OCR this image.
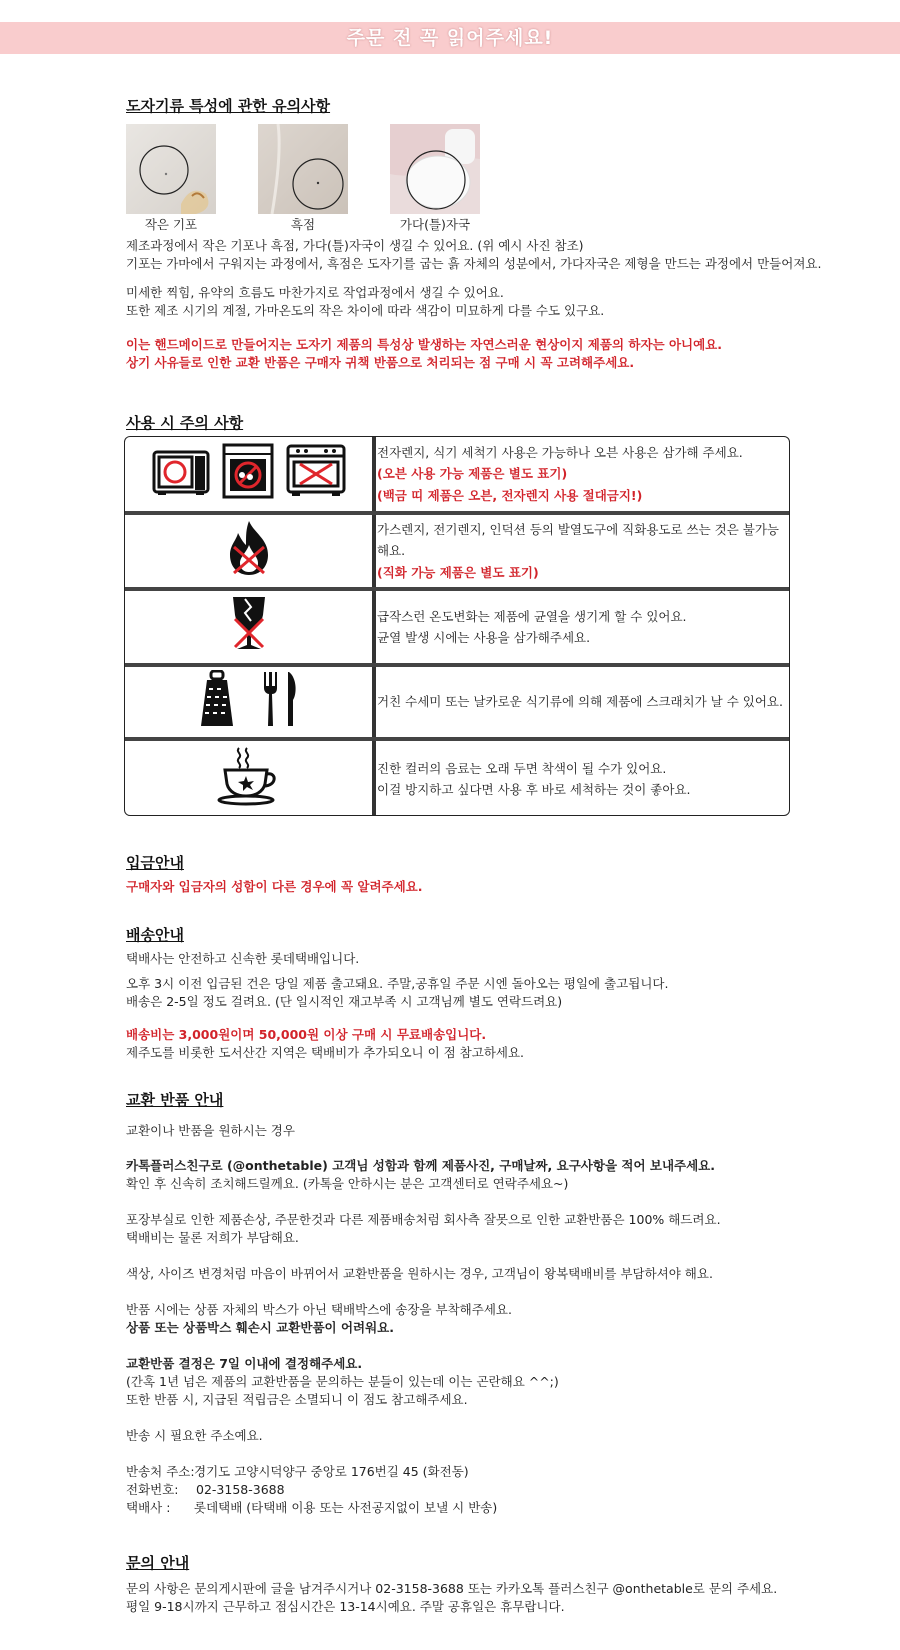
주문 전 꼭 읽어주세요!
도자기류 특성에 관한 유의사항
작은 기포	흑점	가다(틀)자국
제조과정에서 작은 기포나 흑점, 가다(틀)자국이 생길 수 있어요. (위 예시 사진 참조)
기포는 가마에서 구워지는 과정에서, 흑점은 도자기를 굽는 흙 자체의 성분에서, 가다자국은 제형을 만드는 과정에서 만들어져요.
미세한 찍힘, 유약의 흐름도 마찬가지로 작업과정에서 생길 수 있어요.
또한 제조 시기의 계절, 가마온도의 작은 차이에 따라 색감이 미묘하게 다를 수도 있구요.
이는 핸드메이드로 만들어지는 도자기 제품의 특성상 발생하는 자연스러운 현상이지 제품의 하자는 아니예요.
상기 사유들로 인한 교환 반품은 구매자 귀책 반품으로 처리되는 점 구매 시 꼭 고려해주세요.
사용 시 주의 사항
전자렌지, 식기 세척기 사용은 가능하나 오븐 사용은 삼가해 주세요.
(오븐 사용 가능 제품은 별도 표기)
(백금 띠 제품은 오븐, 전자렌지 사용 절대금지!)
가스렌지, 전기렌지, 인덕션 등의 발열도구에 직화용도로 쓰는 것은 불가능해요.
(직화 가능 제품은 별도 표기)
급작스런 온도변화는 제품에 균열을 생기게 할 수 있어요.
균열 발생 시에는 사용을 삼가해주세요.
거친 수세미 또는 날카로운 식기류에 의해 제품에 스크래치가 날 수 있어요.
진한 컬러의 음료는 오래 두면 착색이 될 수가 있어요.
이걸 방지하고 싶다면 사용 후 바로 세척하는 것이 좋아요.
입금안내
구매자와 입금자의 성함이 다른 경우에 꼭 알려주세요.
배송안내
택배사는 안전하고 신속한 롯데택배입니다.
오후 3시 이전 입금된 건은 당일 제품 출고돼요. 주말,공휴일 주문 시엔 돌아오는 평일에 출고됩니다.
배송은 2-5일 정도 걸려요. (단 일시적인 재고부족 시 고객님께 별도 연락드려요)
배송비는 3,000원이며 50,000원 이상 구매 시 무료배송입니다.
제주도를 비롯한 도서산간 지역은 택배비가 추가되오니 이 점 참고하세요.
교환 반품 안내
교환이나 반품을 원하시는 경우
카톡플러스친구로 (@onthetable) 고객님 성함과 함께 제품사진, 구매날짜, 요구사항을 적어 보내주세요.
확인 후 신속히 조치해드릴께요. (카톡을 안하시는 분은 고객센터로 연락주세요~)
포장부실로 인한 제품손상, 주문한것과 다른 제품배송처럼 회사측 잘못으로 인한 교환반품은 100% 해드려요.
택배비는 물론 저희가 부담해요.
색상, 사이즈 변경처럼 마음이 바뀌어서 교환반품을 원하시는 경우, 고객님이 왕복택배비를 부담하셔야 해요.
반품 시에는 상품 자체의 박스가 아닌 택배박스에 송장을 부착해주세요.
상품 또는 상품박스 훼손시 교환반품이 어려워요.
교환반품 결정은 7일 이내에 결정해주세요.
(간혹 1년 넘은 제품의 교환반품을 문의하는 분들이 있는데 이는 곤란해요 ^^;)
또한 반품 시, 지급된 적립금은 소멸되니 이 점도 참고해주세요.
반송 시 필요한 주소예요.
반송처 주소: 경기도 고양시덕양구 중앙로 176번길 45 (화전동)
전화번호: 02-3158-3688
택배사 : 롯데택배 (타택배 이용 또는 사전공지없이 보낼 시 반송)
문의 안내
문의 사항은 문의게시판에 글을 남겨주시거나 02-3158-3688 또는 카카오톡 플러스친구 @onthetable로 문의 주세요.
평일 9-18시까지 근무하고 점심시간은 13-14시예요. 주말 공휴일은 휴무랍니다.
